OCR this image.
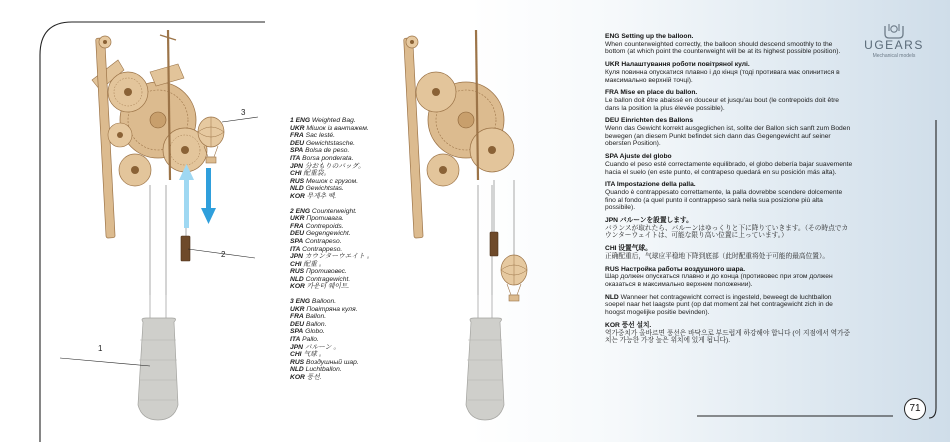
1
2
3
1 ENG Weighted Bag.
UKR Мішок із вантажем.
FRA Sac lesté.
DEU Gewichtstasche.
SPA Bolsa de peso.
ITA Borsa ponderata.
JPN 分おもりのバッグ。
CHI 配重袋。
RUS Мешок с грузом.
NLD Gewichtstas.
KOR 무게추 백.
2 ENG Counterweight.
UKR Противага.
FRA Contrepoids.
DEU Gegengewicht.
SPA Contrapeso.
ITA Contrappeso.
JPN カウンターウエイト 。
CHI 配重 。
RUS Противовес.
NLD Contragewicht.
KOR 카운터 웨이트.
3 ENG Balloon.
UKR Повітряна куля.
FRA Ballon.
DEU Ballon.
SPA Globo.
ITA Pallo.
JPN バルーン 。
CHI 气球 。
RUS Воздушный шар.
NLD Luchtballon.
KOR 풍선.
ENG Setting up the balloon.
When counterweighted correctly, the balloon should descend smoothly to the bottom (at which point the counterweight will be at its highest possible position).
UKR Налаштування роботи повітряної кулі.
Куля повинна опускатися плавно і до кінця (тоді противага має опинитися в максимально верхній точці).
FRA Mise en place du ballon.
Le ballon doit être abaissé en douceur et jusqu'au bout (le contrepoids doit être dans la position la plus élevée possible).
DEU Einrichten des Ballons
Wenn das Gewicht korrekt ausgeglichen ist, sollte der Ballon sich sanft zum Boden bewegen (an diesem Punkt befindet sich dann das Gegengewicht auf seiner obersten Position).
SPA Ajuste del globo
Cuando el peso esté correctamente equilibrado, el globo debería bajar suavemente hacia el suelo (en este punto, el contrapeso quedará en su posición más alta).
ITA Impostazione della palla.
Quando è contrappesato correttamente, la palla dovrebbe scendere dolcemente fino al fondo (a quel punto il contrappeso sarà nella sua posizione più alta possibile).
JPN バルーンを設置します。
バランスが取れたら、バルーンはゆっくりと下に降りていきます。（その時点でカウンターウェイトは、可能な限り高い位置に上っています。）
CHI 设置气球。
正确配重后，气球应平稳地下降到底部（此时配重将处于可能的最高位置）。
RUS Настройка работы воздушного шара.
Шар должен опускаться плавно и до конца (противовес при этом должен оказаться в максимально верхнем положении).
NLD Wanneer het contragewicht correct is ingesteld, beweegt de luchtballon soepel naar het laagste punt (op dat moment zal het contragewicht zich in de hoogst mogelijke positie bevinden).
KOR 풍선 설치.
역가중치가 올바르면 풍선은 바닥으로 부드럽게 하강해야 합니다 (이 지점에서 역가중치는 가능한 가장 높은 위치에 있게 됩니다).
UGEARS
Mechanical models
71
